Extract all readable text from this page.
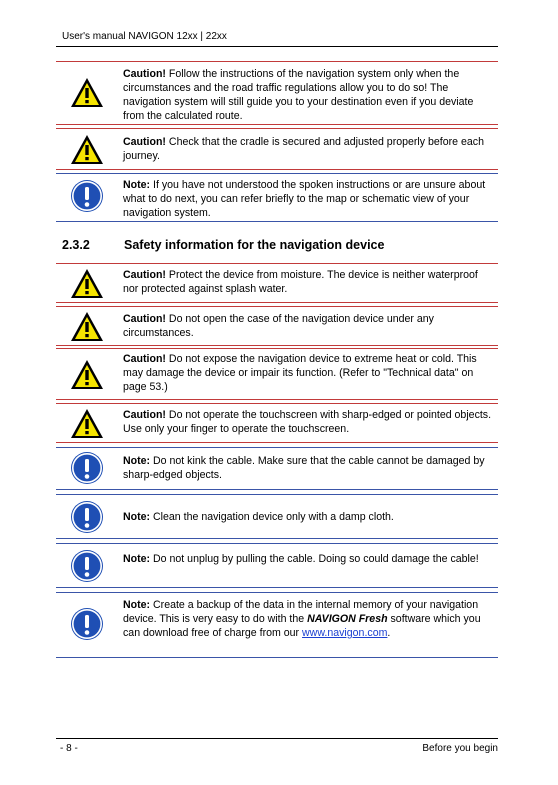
User's manual NAVIGON 12xx | 22xx
Caution! Follow the instructions of the navigation system only when the circumstances and the road traffic regulations allow you to do so! The navigation system will still guide you to your destination even if you deviate from the calculated route.
Caution! Check that the cradle is secured and adjusted properly before each journey.
Note: If you have not understood the spoken instructions or are unsure about what to do next, you can refer briefly to the map or schematic view of your navigation system.
2.3.2	Safety information for the navigation device
Caution! Protect the device from moisture. The device is neither waterproof nor protected against splash water.
Caution! Do not open the case of the navigation device under any circumstances.
Caution! Do not expose the navigation device to extreme heat or cold. This may damage the device or impair its function. (Refer to "Technical data" on page 53.)
Caution! Do not operate the touchscreen with sharp-edged or pointed objects. Use only your finger to operate the touchscreen.
Note: Do not kink the cable. Make sure that the cable cannot be damaged by sharp-edged objects.
Note: Clean the navigation device only with a damp cloth.
Note: Do not unplug by pulling the cable. Doing so could damage the cable!
Note: Create a backup of the data in the internal memory of your navigation device. This is very easy to do with the NAVIGON Fresh software which you can download free of charge from our www.navigon.com.
- 8 -	Before you begin
